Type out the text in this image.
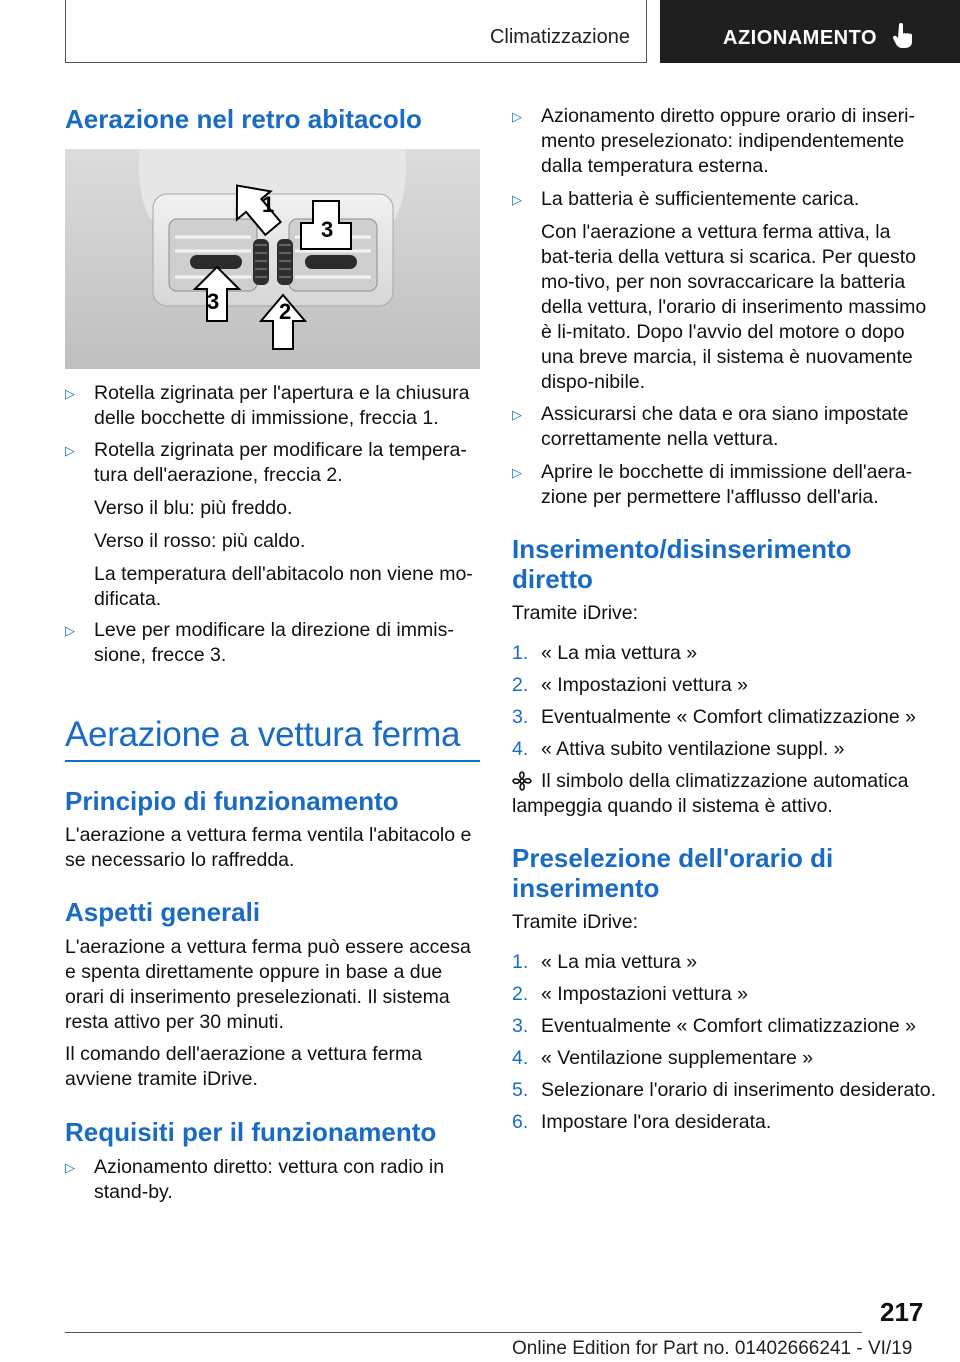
Climatizzazione	AZIONAMENTO
Aerazione nel retro abitacolo
1
2
3
3
▷ Rotella zigrinata per l'apertura e la chiusura delle bocchette di immissione, freccia 1.
▷ Rotella zigrinata per modificare la tempera-tura dell'aerazione, freccia 2.
Verso il blu: più freddo.
Verso il rosso: più caldo.
La temperatura dell'abitacolo non viene mo-dificata.
▷ Leve per modificare la direzione di immis-sione, frecce 3.
Aerazione a vettura ferma
Principio di funzionamento
L'aerazione a vettura ferma ventila l'abitacolo e se necessario lo raffredda.
Aspetti generali
L'aerazione a vettura ferma può essere accesa e spenta direttamente oppure in base a due orari di inserimento preselezionati. Il sistema resta attivo per 30 minuti.
Il comando dell'aerazione a vettura ferma avviene tramite iDrive.
Requisiti per il funzionamento
▷ Azionamento diretto: vettura con radio in stand-by.
▷ Azionamento diretto oppure orario di inseri-mento preselezionato: indipendentemente dalla temperatura esterna.
▷ La batteria è sufficientemente carica.
Con l'aerazione a vettura ferma attiva, la bat-teria della vettura si scarica. Per questo mo-tivo, per non sovraccaricare la batteria della vettura, l'orario di inserimento massimo è li-mitato. Dopo l'avvio del motore o dopo una breve marcia, il sistema è nuovamente dispo-nibile.
▷ Assicurarsi che data e ora siano impostate correttamente nella vettura.
▷ Aprire le bocchette di immissione dell'aera-zione per permettere l'afflusso dell'aria.
Inserimento/disinserimento diretto
Tramite iDrive:
1. « La mia vettura »
2. « Impostazioni vettura »
3. Eventualmente « Comfort climatizzazione »
4. « Attiva subito ventilazione suppl. »
Il simbolo della climatizzazione automatica lampeggia quando il sistema è attivo.
Preselezione dell'orario di inserimento
Tramite iDrive:
1. « La mia vettura »
2. « Impostazioni vettura »
3. Eventualmente « Comfort climatizzazione »
4. « Ventilazione supplementare »
5. Selezionare l'orario di inserimento desiderato.
6. Impostare l'ora desiderata.
217
Online Edition for Part no. 01402666241 - VI/19
